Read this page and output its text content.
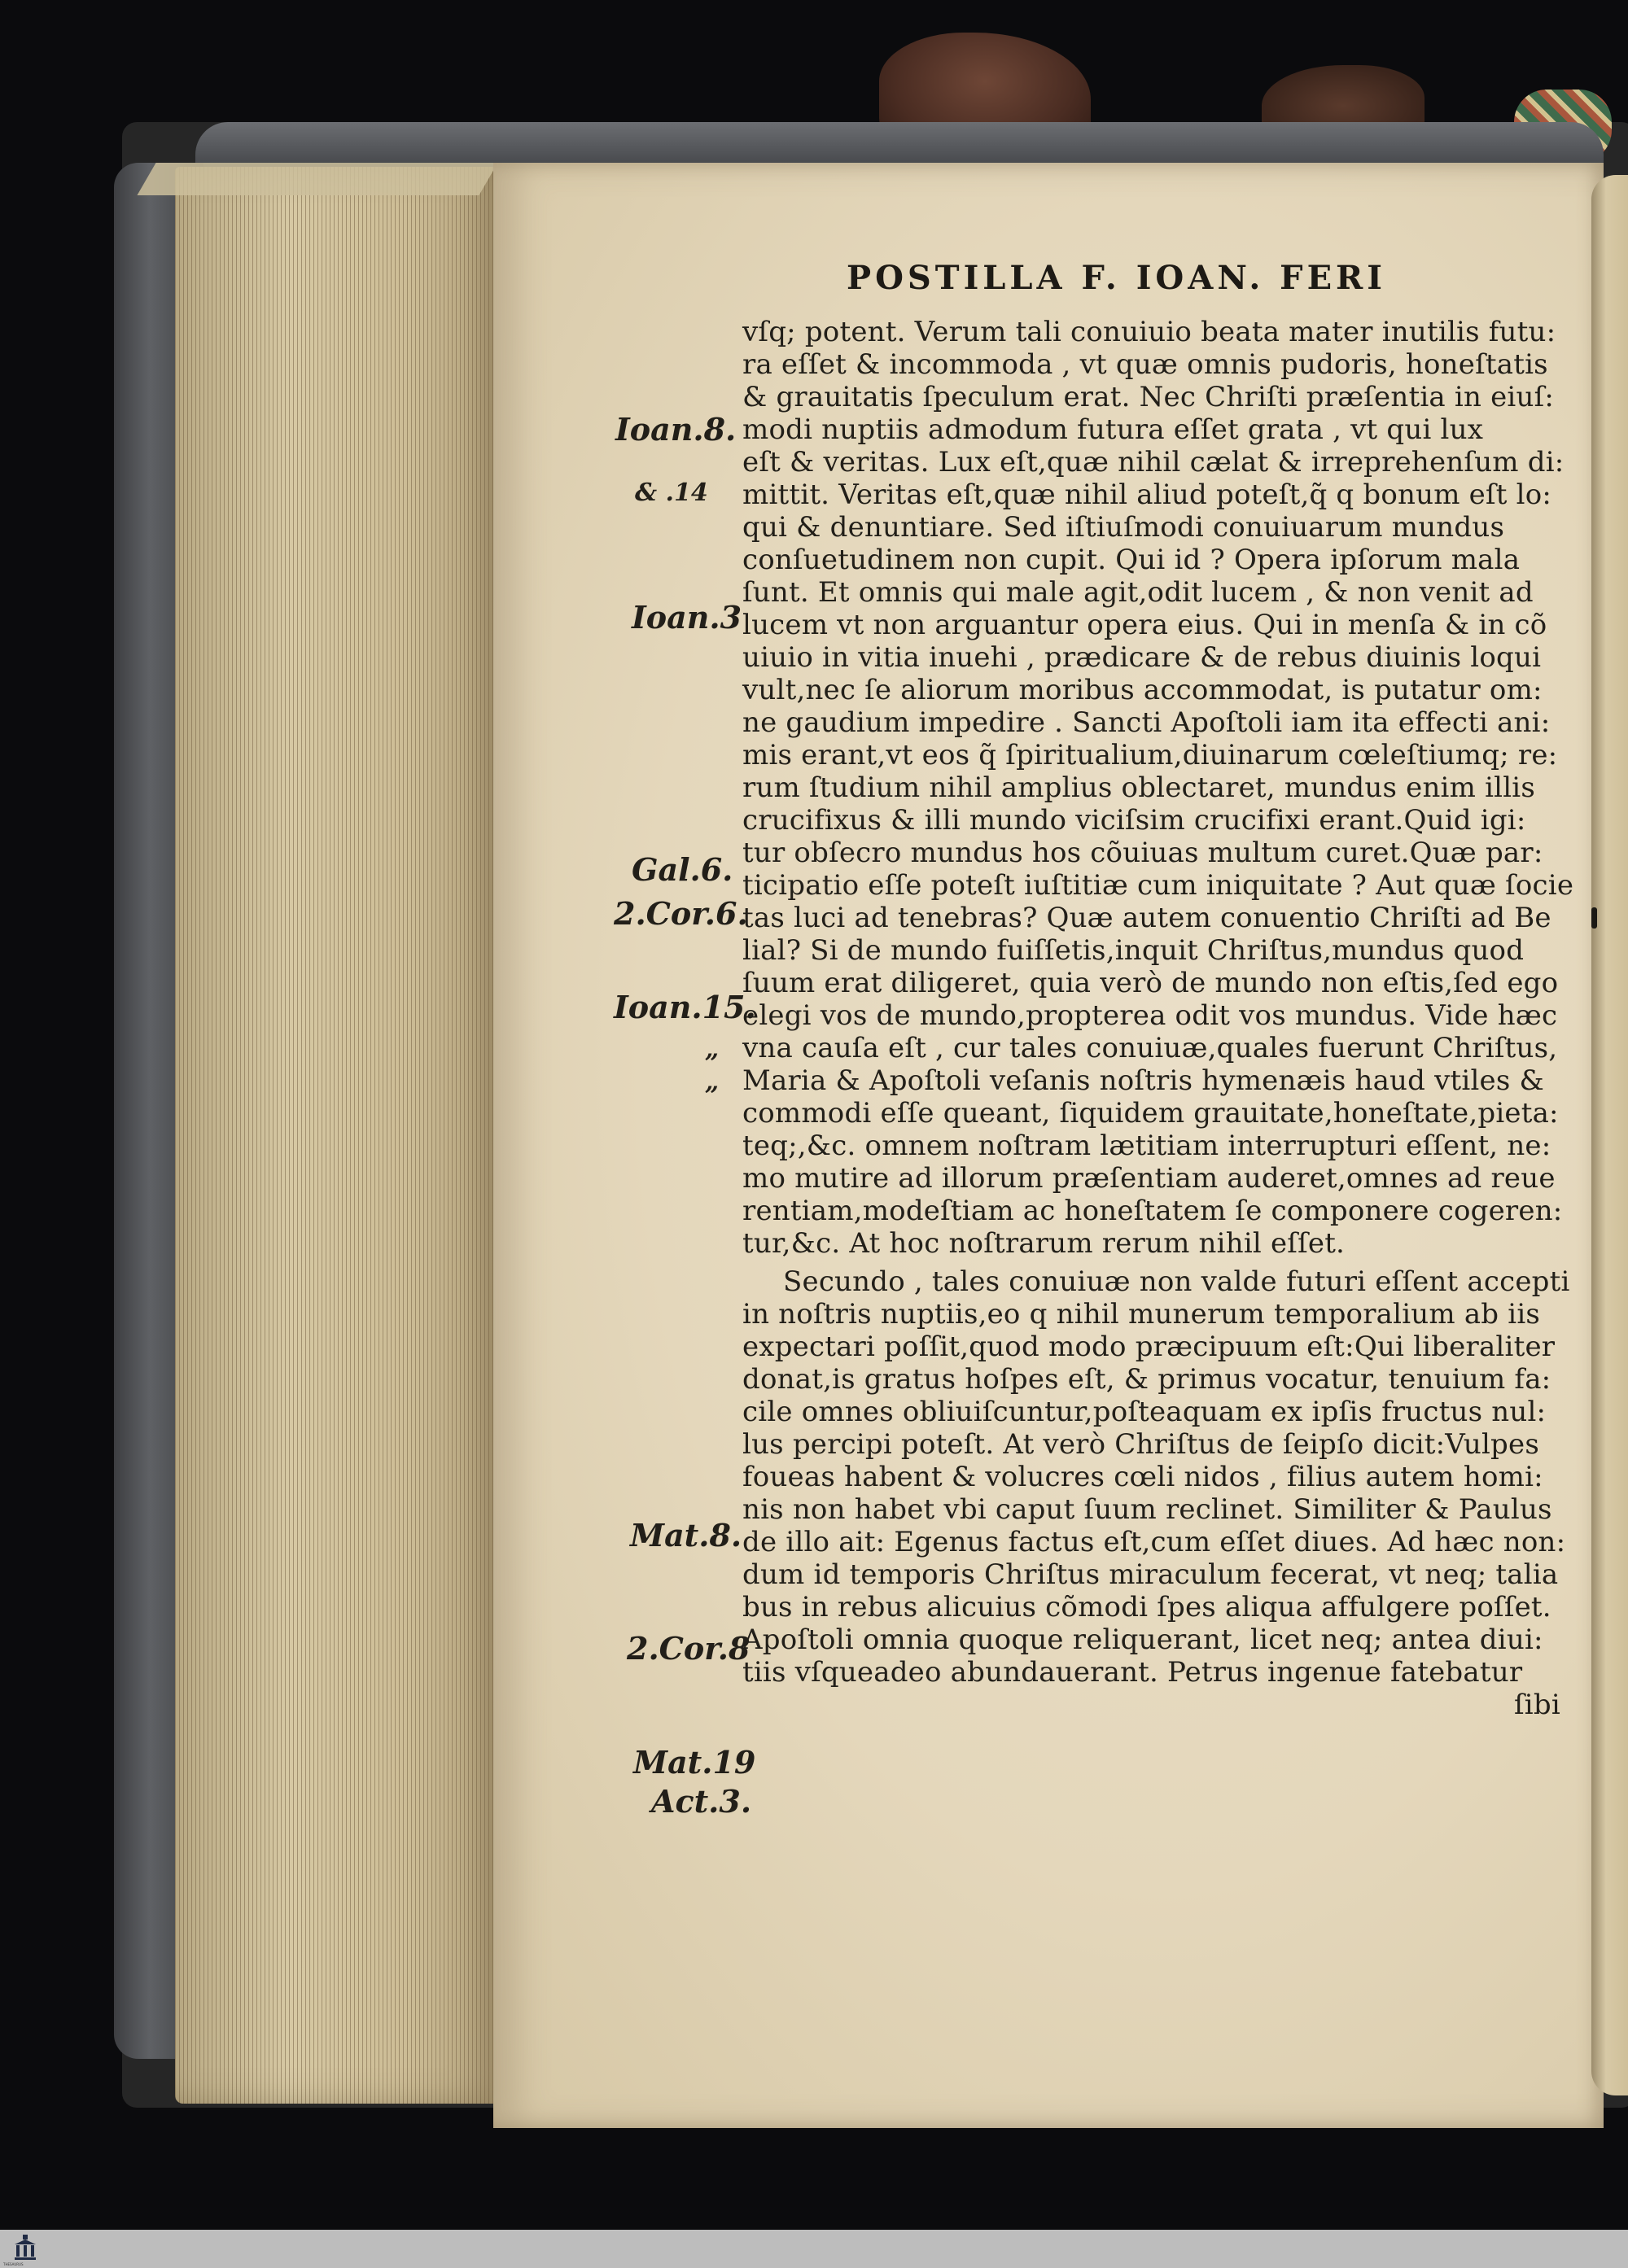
POSTILLA F. IOAN. FERI
vſq; potent. Verum tali conuiuio beata mater inutilis futu:
ra eſſet & incommoda , vt quæ omnis pudoris, honeſtatis
& grauitatis ſpeculum erat. Nec Chriſti præſentia in eiuſ:
modi nuptiis admodum futura eſſet grata , vt qui lux
eſt & veritas. Lux eſt,quæ nihil cælat & irreprehenſum di:
mittit. Veritas eſt,quæ nihil aliud poteſt,q̃ q bonum eſt lo:
qui & denuntiare. Sed iſtiuſmodi conuiuarum mundus
conſuetudinem non cupit. Qui id ? Opera ipſorum mala
ſunt. Et omnis qui male agit,odit lucem , & non venit ad
lucem vt non arguantur opera eius. Qui in menſa & in cõ
uiuio in vitia inuehi , prædicare & de rebus diuinis loqui
vult,nec ſe aliorum moribus accommodat, is putatur om:
ne gaudium impedire . Sancti Apoſtoli iam ita effecti ani:
mis erant,vt eos q̃ ſpiritualium,diuinarum cœleſtiumq; re:
rum ſtudium nihil amplius oblectaret, mundus enim illis
crucifixus & illi mundo viciſsim crucifixi erant.Quid igi:
tur obſecro mundus hos cõuiuas multum curet.Quæ par:
ticipatio eſſe poteſt iuſtitiæ cum iniquitate ? Aut quæ ſocie
tas luci ad tenebras? Quæ autem conuentio Chriſti ad Be
lial? Si de mundo fuiſſetis,inquit Chriſtus,mundus quod
ſuum erat diligeret, quia verò de mundo non eſtis,ſed ego
elegi vos de mundo,propterea odit vos mundus. Vide hæc
vna cauſa eſt , cur tales conuiuæ,quales fuerunt Chriſtus,
Maria & Apoſtoli veſanis noſtris hymenæis haud vtiles &
commodi eſſe queant, ſiquidem grauitate,honeſtate,pieta:
teq;,&c. omnem noſtram lætitiam interrupturi eſſent, ne:
mo mutire ad illorum præſentiam auderet,omnes ad reue
rentiam,modeſtiam ac honeſtatem ſe componere cogeren:
tur,&c. At hoc noſtrarum rerum nihil eſſet.
Secundo , tales conuiuæ non valde futuri eſſent accepti
in noſtris nuptiis,eo q nihil munerum temporalium ab iis
expectari poſſit,quod modo præcipuum eſt:Qui liberaliter
donat,is gratus hoſpes eſt, & primus vocatur, tenuium fa:
cile omnes obliuiſcuntur,poſteaquam ex ipſis fructus nul:
lus percipi poteſt. At verò Chriſtus de ſeipſo dicit:Vulpes
foueas habent & volucres cœli nidos , filius autem homi:
nis non habet vbi caput ſuum reclinet. Similiter & Paulus
de illo ait: Egenus factus eſt,cum eſſet diues. Ad hæc non:
dum id temporis Chriſtus miraculum fecerat, vt neq; talia
bus in rebus alicuius cõmodi ſpes aliqua affulgere poſſet.
Apoſtoli omnia quoque reliquerant, licet neq; antea diui:
tiis vſqueadeo abundauerant. Petrus ingenue fatebatur
ſibi
Ioan.8.
& .14
Ioan.3
Gal.6.
2.Cor.6.
Ioan.15.
„
„
Mat.8.
2.Cor.8
Mat.19
Act.3.
THESAURUS
